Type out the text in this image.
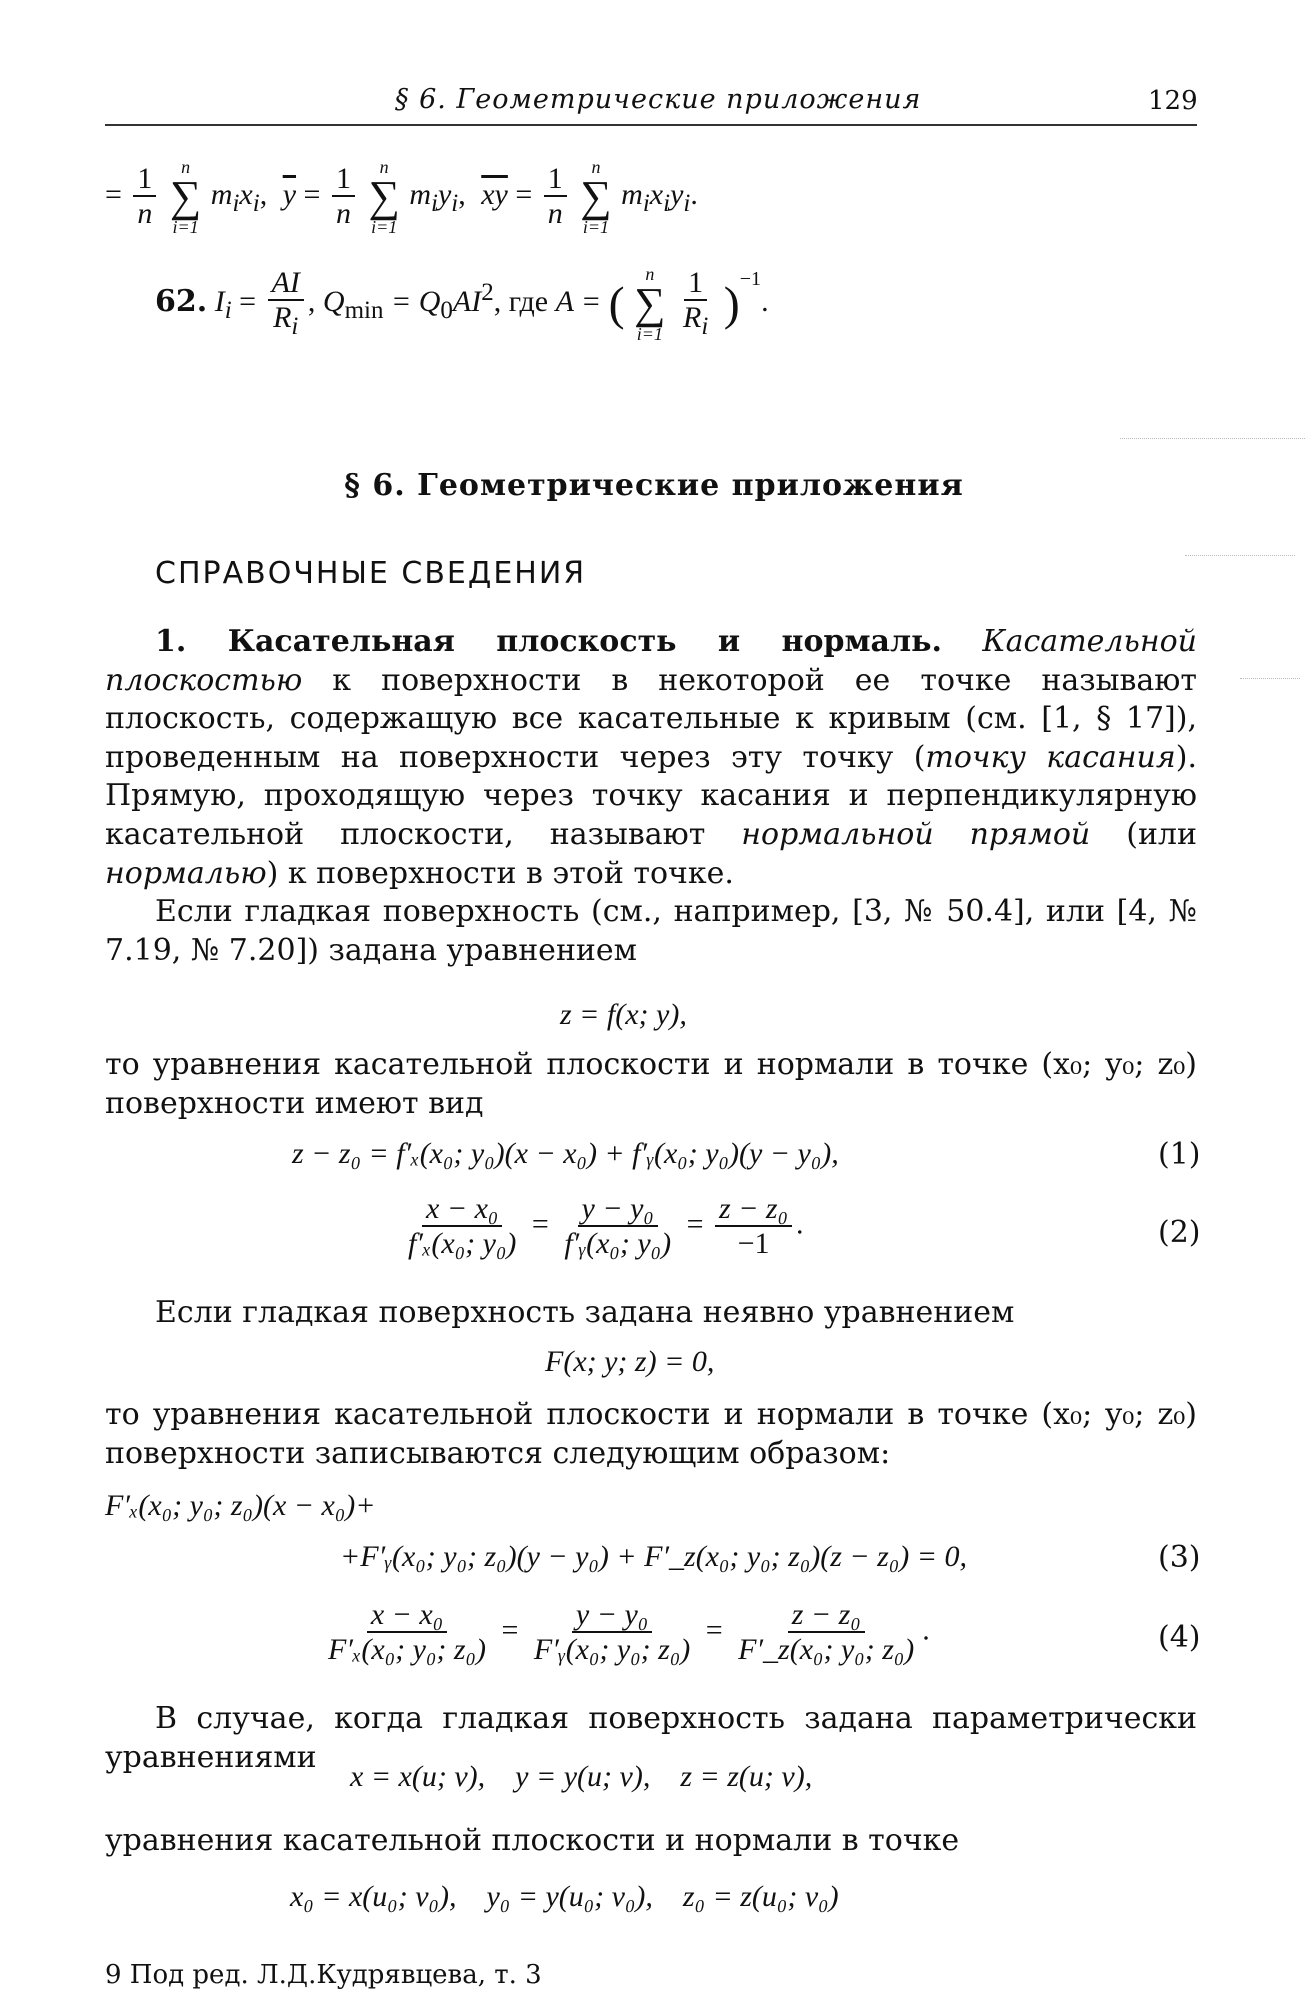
§ 6. Геометрические приложения	129
= $\frac{1}{n}$
n
∑
i=1
$m_ix_i$, $\overline{y} = \frac{1}{n}$
n
∑
i=1
$m_iy_i$, $\overline{xy} = \frac{1}{n}$
n
∑
i=1
$m_ix_iy_i$.
62. $I_i = \frac{AI}{R_i}$ , $Q_{min} = Q_0AI^2$, где A = (
n
∑
i=1
$\frac{1}{R_i} )^{-1}$.
§ 6. Геометрические приложения
СПРАВОЧНЫЕ СВЕДЕНИЯ

1. Касательная плоскость и нормаль. Касательной плоскостью к поверхности в некоторой ее точке называют плоскость, содержащую все касательные к кривым (см. [1, § 17]), проведенным на поверхности через эту точку (точку касания). Прямую, проходящую через точку касания и перпендикулярную касательной плоскости, называют нормальной прямой (или нормалью) к поверхности в этой точке.

Если гладкая поверхность (см., например, [3, № 50.4], или [4, № 7.19, № 7.20]) задана уравнением

z = f(x; y),

то уравнения касательной плоскости и нормали в точке (x₀; y₀; z₀) поверхности имеют вид

z − z₀ = f′ₓ(x₀; y₀)(x − x₀) + f′ᵧ(x₀; y₀)(y − y₀),	(1)
$\frac{\text{x − x₀}}{\text{f′ₓ(x₀; y₀)}} = \frac{\text{y − y₀}}{\text{f′ᵧ(x₀; y₀)}} = \frac{\text{z − z₀}}{-1}$ .	(2)

Если гладкая поверхность задана неявно уравнением

F(x; y; z) = 0,

то уравнения касательной плоскости и нормали в точке (x₀; y₀; z₀) поверхности записываются следующим образом:

F′ₓ(x₀; y₀; z₀)(x − x₀)+
+F′ᵧ(x₀; y₀; z₀)(y − y₀) + F′_z(x₀; y₀; z₀)(z − z₀) = 0,	(3)
$\frac{\text{x − x₀}}{\text{F′ₓ(x₀; y₀; z₀)}} = \frac{\text{y − y₀}}{\text{F′ᵧ(x₀; y₀; z₀)}} = \frac{\text{z − z₀}}{\text{F′\_z(x₀; y₀; z₀)}}$ .	(4)

В случае, когда гладкая поверхность задана параметрически уравнениями

x = x(u; v),    y = y(u; v),    z = z(u; v),

уравнения касательной плоскости и нормали в точке

x₀ = x(u₀; v₀),    y₀ = y(u₀; v₀),    z₀ = z(u₀; v₀)
9 Под ред. Л.Д.Кудрявцева, т. 3
